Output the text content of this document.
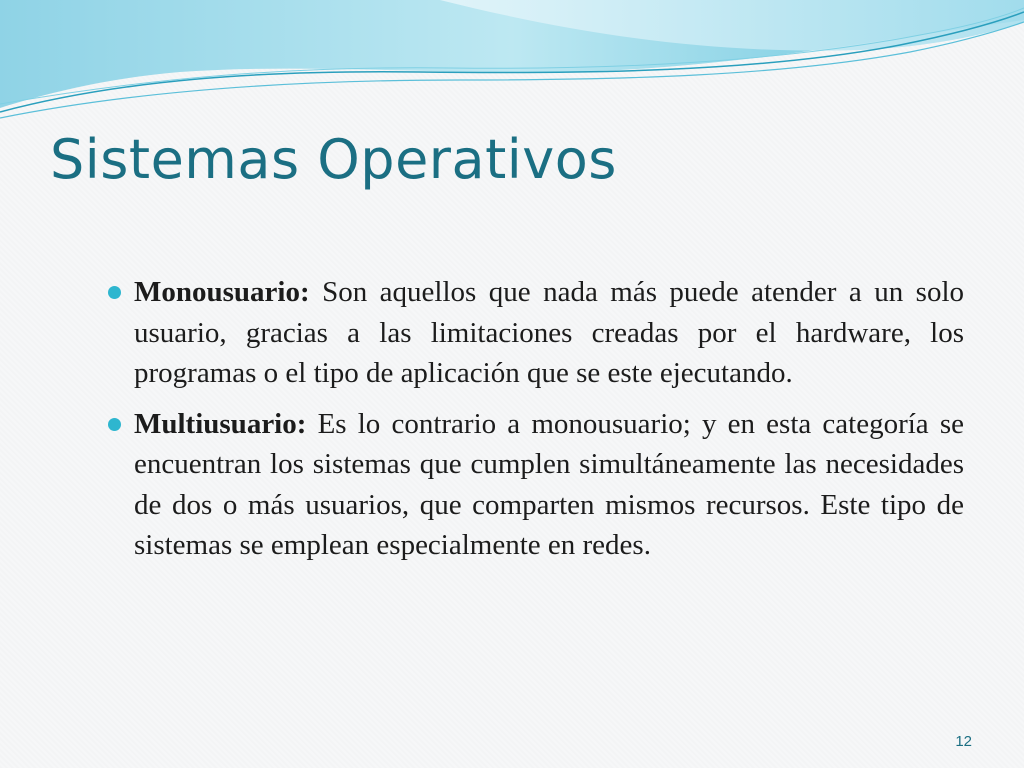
Sistemas Operativos

Monousuario: Son aquellos que nada más puede atender a un solo usuario, gracias a las limitaciones creadas por el hardware, los programas o el tipo de aplicación que se este ejecutando.

Multiusuario: Es lo contrario a monousuario; y en esta categoría se encuentran los sistemas que cumplen simultáneamente las necesidades de dos o más usuarios, que comparten mismos recursos. Este tipo de sistemas se emplean especialmente en redes.

12
